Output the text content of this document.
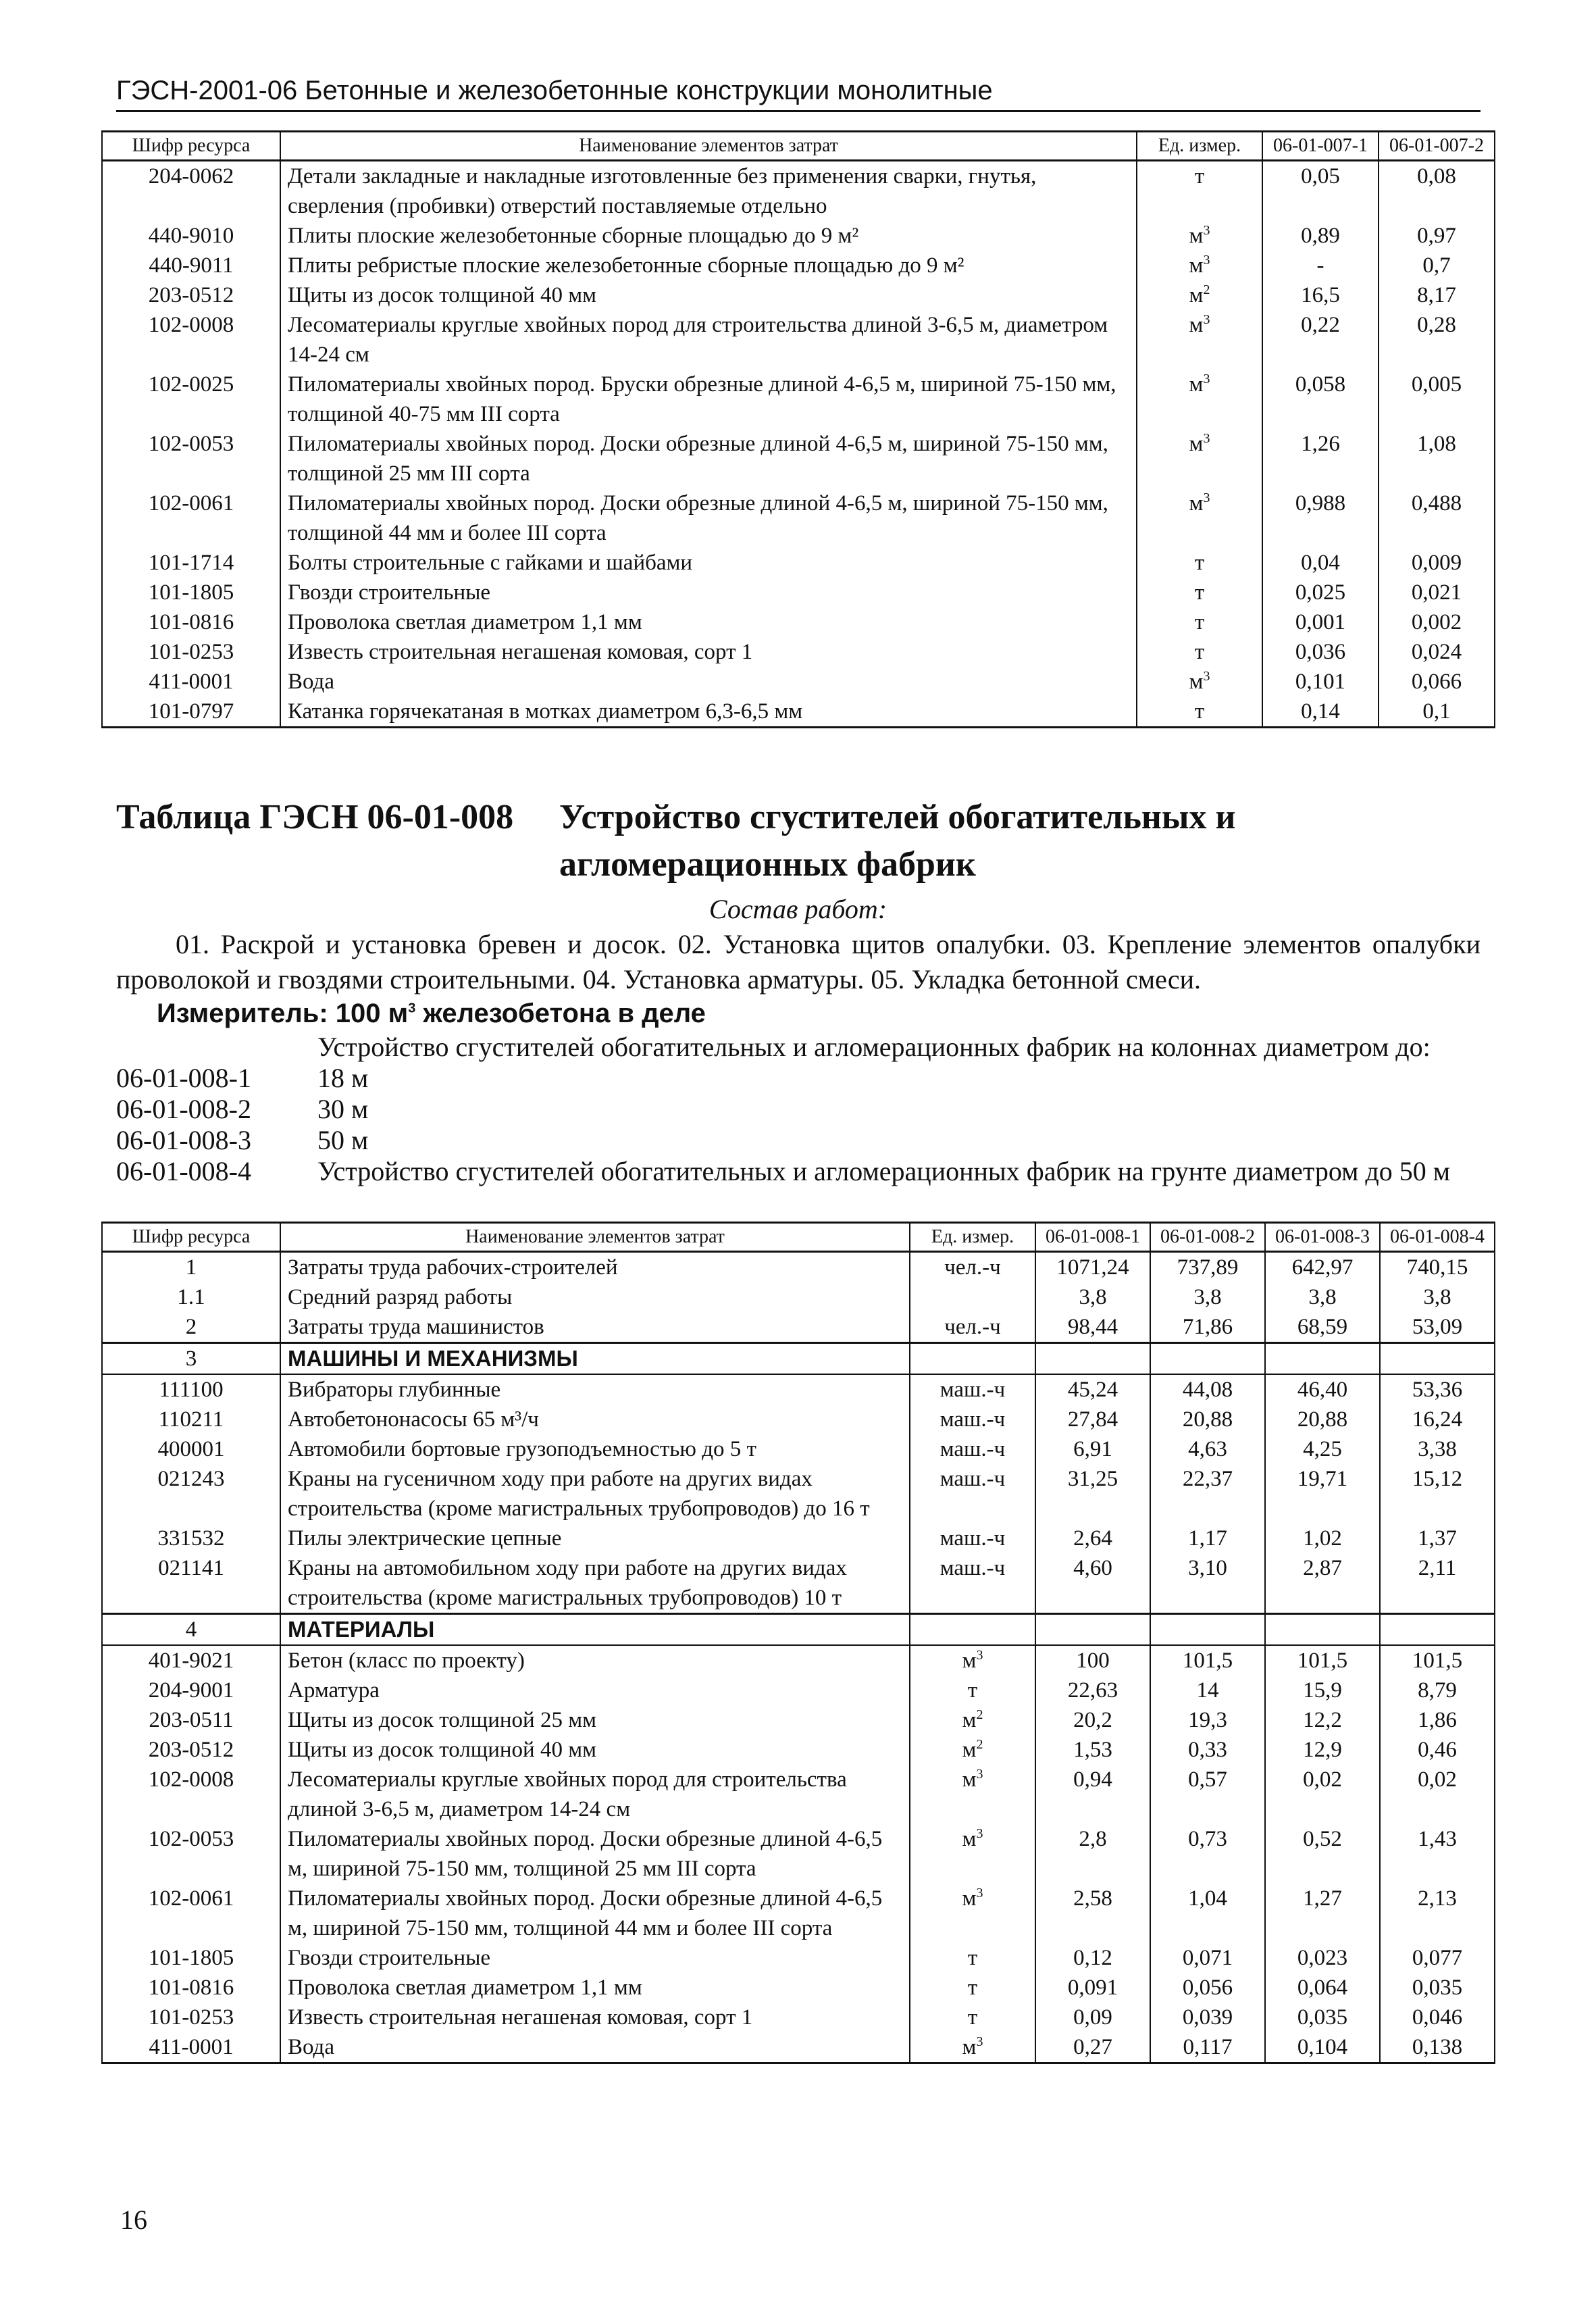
ГЭСН-2001-06 Бетонные и железобетонные конструкции монолитные
Шифр ресурса	Наименование элементов затрат	Ед. измер.	06-01-007-1	06-01-007-2
204-0062	Детали закладные и накладные изготовленные без применения сварки, гнутья, сверления (пробивки) отверстий поставляемые отдельно	т	0,05	0,08
440-9010	Плиты плоские железобетонные сборные площадью до 9 м²	$м^3$	0,89	0,97
440-9011	Плиты ребристые плоские железобетонные сборные площадью до 9 м²	$м^3$	-	0,7
203-0512	Щиты из досок толщиной 40 мм	$м^2$	16,5	8,17
102-0008	Лесоматериалы круглые хвойных пород для строительства длиной 3-6,5 м, диаметром 14-24 см	$м^3$	0,22	0,28
102-0025	Пиломатериалы хвойных пород. Бруски обрезные длиной 4-6,5 м, шириной 75-150 мм, толщиной 40-75 мм III сорта	$м^3$	0,058	0,005
102-0053	Пиломатериалы хвойных пород. Доски обрезные длиной 4-6,5 м, шириной 75-150 мм, толщиной 25 мм III сорта	$м^3$	1,26	1,08
102-0061	Пиломатериалы хвойных пород. Доски обрезные длиной 4-6,5 м, шириной 75-150 мм, толщиной 44 мм и более III сорта	$м^3$	0,988	0,488
101-1714	Болты строительные с гайками и шайбами	т	0,04	0,009
101-1805	Гвозди строительные	т	0,025	0,021
101-0816	Проволока светлая диаметром 1,1 мм	т	0,001	0,002
101-0253	Известь строительная негашеная комовая, сорт 1	т	0,036	0,024
411-0001	Вода	$м^3$	0,101	0,066
101-0797	Катанка горячекатаная в мотках диаметром 6,3-6,5 мм	т	0,14	0,1
Таблица ГЭСН 06-01-008 Устройство сгустителей обогатительных и агломерационных фабрик
Состав работ:
01. Раскрой и установка бревен и досок. 02. Установка щитов опалубки. 03. Крепление элементов опалубки проволокой и гвоздями строительными. 04. Установка арматуры. 05. Укладка бетонной смеси.
Измеритель: 100 $м^3$ железобетона в деле
Устройство сгустителей обогатительных и агломерационных фабрик на колоннах диаметром до:
06-01-008-1 18 м
06-01-008-2 30 м
06-01-008-3 50 м
06-01-008-4 Устройство сгустителей обогатительных и агломерационных фабрик на грунте диаметром до 50 м
Шифр ресурса	Наименование элементов затрат	Ед. измер.	06-01-008-1	06-01-008-2	06-01-008-3	06-01-008-4
1	Затраты труда рабочих-строителей	чел.-ч	1071,24	737,89	642,97	740,15
1.1	Средний разряд работы		3,8	3,8	3,8	3,8
2	Затраты труда машинистов	чел.-ч	98,44	71,86	68,59	53,09
3	МАШИНЫ И МЕХАНИЗМЫ					
111100	Вибраторы глубинные	маш.-ч	45,24	44,08	46,40	53,36
110211	Автобетононасосы 65 м³/ч	маш.-ч	27,84	20,88	20,88	16,24
400001	Автомобили бортовые грузоподъемностью до 5 т	маш.-ч	6,91	4,63	4,25	3,38
021243	Краны на гусеничном ходу при работе на других видах строительства (кроме магистральных трубопроводов) до 16 т	маш.-ч	31,25	22,37	19,71	15,12
331532	Пилы электрические цепные	маш.-ч	2,64	1,17	1,02	1,37
021141	Краны на автомобильном ходу при работе на других видах строительства (кроме магистральных трубопроводов) 10 т	маш.-ч	4,60	3,10	2,87	2,11
4	МАТЕРИАЛЫ					
401-9021	Бетон (класс по проекту)	$м^3$	100	101,5	101,5	101,5
204-9001	Арматура	т	22,63	14	15,9	8,79
203-0511	Щиты из досок толщиной 25 мм	$м^2$	20,2	19,3	12,2	1,86
203-0512	Щиты из досок толщиной 40 мм	$м^2$	1,53	0,33	12,9	0,46
102-0008	Лесоматериалы круглые хвойных пород для строительства длиной 3-6,5 м, диаметром 14-24 см	$м^3$	0,94	0,57	0,02	0,02
102-0053	Пиломатериалы хвойных пород. Доски обрезные длиной 4-6,5 м, шириной 75-150 мм, толщиной 25 мм III сорта	$м^3$	2,8	0,73	0,52	1,43
102-0061	Пиломатериалы хвойных пород. Доски обрезные длиной 4-6,5 м, шириной 75-150 мм, толщиной 44 мм и более III сорта	$м^3$	2,58	1,04	1,27	2,13
101-1805	Гвозди строительные	т	0,12	0,071	0,023	0,077
101-0816	Проволока светлая диаметром 1,1 мм	т	0,091	0,056	0,064	0,035
101-0253	Известь строительная негашеная комовая, сорт 1	т	0,09	0,039	0,035	0,046
411-0001	Вода	$м^3$	0,27	0,117	0,104	0,138
16
